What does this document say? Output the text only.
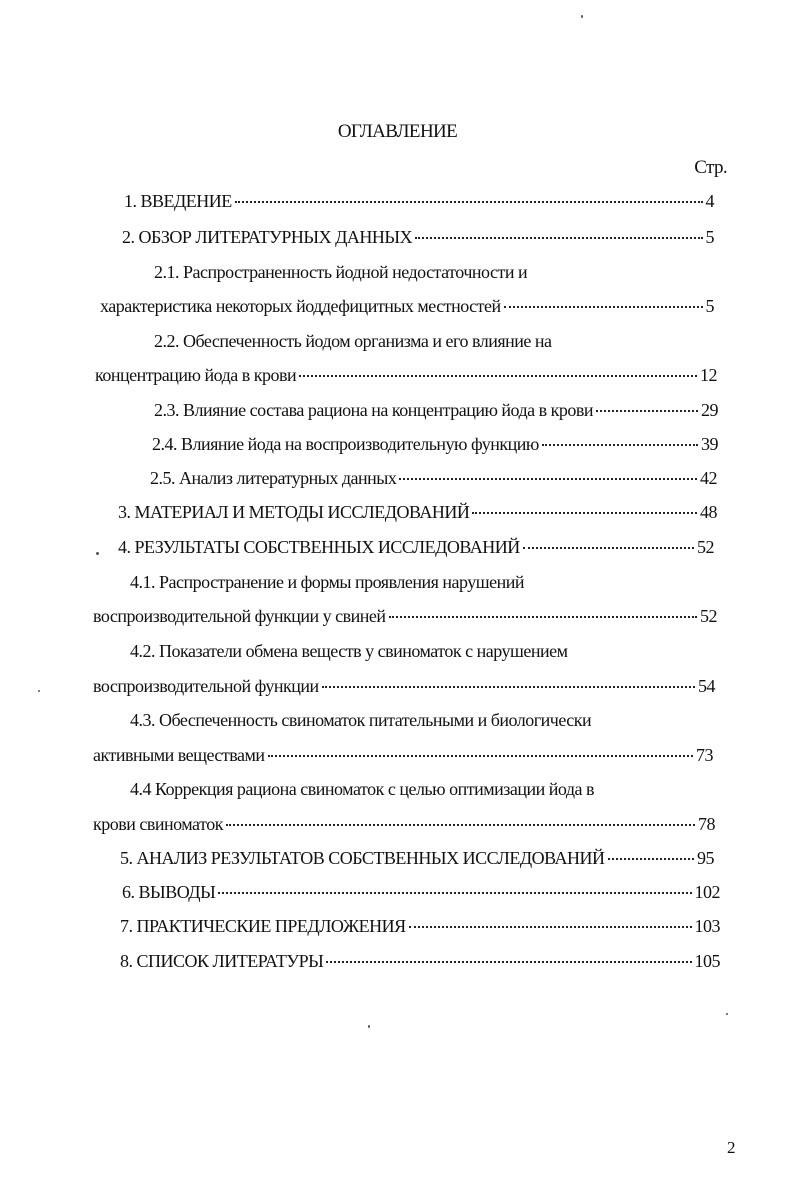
ОГЛАВЛЕНИЕ
Стр.
1. ВВЕДЕНИЕ	4
2. ОБЗОР ЛИТЕРАТУРНЫХ ДАННЫХ	5
2.1. Распространенность йодной недостаточности и
характеристика некоторых йоддефицитных местностей	5
2.2. Обеспеченность йодом организма и его влияние на
концентрацию йода в крови	12
2.3. Влияние состава рациона на концентрацию йода в крови	29
2.4. Влияние йода на воспроизводительную функцию	39
2.5. Анализ литературных данных	42
3. МАТЕРИАЛ И МЕТОДЫ ИССЛЕДОВАНИЙ	48
4. РЕЗУЛЬТАТЫ СОБСТВЕННЫХ ИССЛЕДОВАНИЙ	52
4.1. Распространение и формы проявления нарушений
воспроизводительной функции у свиней	52
4.2. Показатели обмена веществ у свиноматок с нарушением
воспроизводительной функции	54
4.3. Обеспеченность свиноматок питательными и биологически
активными веществами	73
4.4 Коррекция рациона свиноматок с целью оптимизации йода в
крови свиноматок	78
5. АНАЛИЗ РЕЗУЛЬТАТОВ СОБСТВЕННЫХ ИССЛЕДОВАНИЙ	95
6. ВЫВОДЫ	102
7. ПРАКТИЧЕСКИЕ ПРЕДЛОЖЕНИЯ	103
8. СПИСОК ЛИТЕРАТУРЫ	105
2
